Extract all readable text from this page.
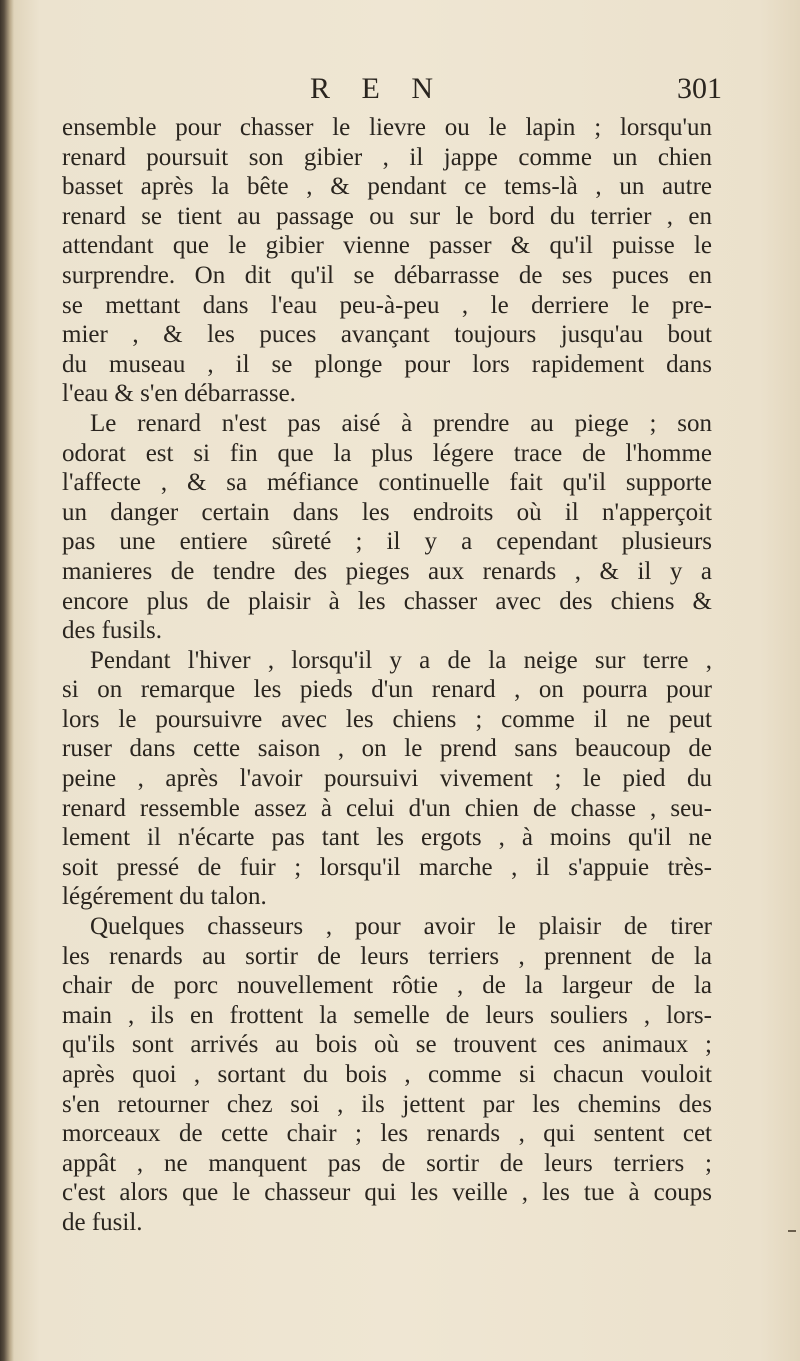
R E N	301
ensemble pour chasser le lievre ou le lapin ; lorsqu'un
renard poursuit son gibier , il jappe comme un chien
basset après la bête , & pendant ce tems-là , un autre
renard se tient au passage ou sur le bord du terrier , en
attendant que le gibier vienne passer & qu'il puisse le
surprendre. On dit qu'il se débarrasse de ses puces en
se mettant dans l'eau peu-à-peu , le derriere le pre-
mier , & les puces avançant toujours jusqu'au bout
du museau , il se plonge pour lors rapidement dans
l'eau & s'en débarrasse.
Le renard n'est pas aisé à prendre au piege ; son
odorat est si fin que la plus légere trace de l'homme
l'affecte , & sa méfiance continuelle fait qu'il supporte
un danger certain dans les endroits où il n'apperçoit
pas une entiere sûreté ; il y a cependant plusieurs
manieres de tendre des pieges aux renards , & il y a
encore plus de plaisir à les chasser avec des chiens &
des fusils.
Pendant l'hiver , lorsqu'il y a de la neige sur terre ,
si on remarque les pieds d'un renard , on pourra pour
lors le poursuivre avec les chiens ; comme il ne peut
ruser dans cette saison , on le prend sans beaucoup de
peine , après l'avoir poursuivi vivement ; le pied du
renard ressemble assez à celui d'un chien de chasse , seu-
lement il n'écarte pas tant les ergots , à moins qu'il ne
soit pressé de fuir ; lorsqu'il marche , il s'appuie très-
légérement du talon.
Quelques chasseurs , pour avoir le plaisir de tirer
les renards au sortir de leurs terriers , prennent de la
chair de porc nouvellement rôtie , de la largeur de la
main , ils en frottent la semelle de leurs souliers , lors-
qu'ils sont arrivés au bois où se trouvent ces animaux ;
après quoi , sortant du bois , comme si chacun vouloit
s'en retourner chez soi , ils jettent par les chemins des
morceaux de cette chair ; les renards , qui sentent cet
appât , ne manquent pas de sortir de leurs terriers ;
c'est alors que le chasseur qui les veille , les tue à coups
de fusil.
